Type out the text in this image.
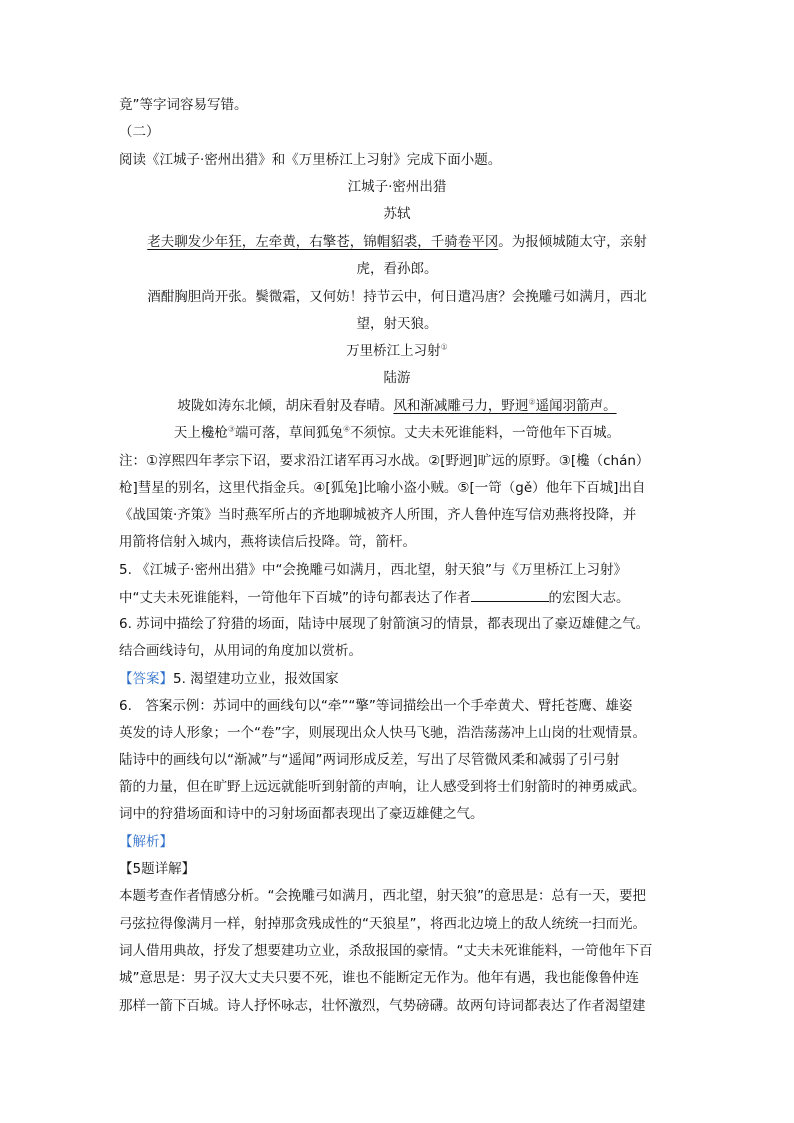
竟”等字词容易写错。
（二）
阅读《江城子·密州出猎》和《万里桥江上习射》完成下面小题。
江城子·密州出猎
苏轼
老夫聊发少年狂，左牵黄，右擎苍，锦帽貂裘，千骑卷平冈。为报倾城随太守，亲射
虎，看孙郎。
酒酣胸胆尚开张。鬓微霜，又何妨！持节云中，何日遣冯唐？会挽雕弓如满月，西北
望，射天狼。
万里桥江上习射①
陆游
坡陇如涛东北倾，胡床看射及春晴。风和渐减雕弓力，野迥②遥闻羽箭声。
天上欃枪③端可落，草间狐兔④不须惊。丈夫未死谁能料，一笴他年下百城。
注：①淳熙四年孝宗下诏，要求沿江诸军再习水战。②[野迥]旷远的原野。③[欃（chán）
枪]彗星的别名，这里代指金兵。④[狐兔]比喻小盗小贼。⑤[一笴（gě）他年下百城]出自
《战国策·齐策》当时燕军所占的齐地聊城被齐人所围，齐人鲁仲连写信劝燕将投降，并
用箭将信射入城内，燕将读信后投降。笴，箭杆。
5. 《江城子·密州出猎》中“会挽雕弓如满月，西北望，射天狼”与《万里桥江上习射》
中“丈夫未死谁能料，一笴他年下百城”的诗句都表达了作者	的宏图大志。
6. 苏词中描绘了狩猎的场面，陆诗中展现了射箭演习的情景，都表现出了豪迈雄健之气。
结合画线诗句，从用词的角度加以赏析。
【答案】5. 渴望建功立业，报效国家
6.　答案示例：苏词中的画线句以“牵”“擎”等词描绘出一个手牵黄犬、臂托苍鹰、雄姿
英发的诗人形象；一个“卷”字，则展现出众人快马飞驰，浩浩荡荡冲上山岗的壮观情景。
陆诗中的画线句以“渐减”与“遥闻”两词形成反差，写出了尽管微风柔和减弱了引弓射
箭的力量，但在旷野上远远就能听到射箭的声响，让人感受到将士们射箭时的神勇威武。
词中的狩猎场面和诗中的习射场面都表现出了豪迈雄健之气。
【解析】
【5题详解】
本题考查作者情感分析。“会挽雕弓如满月，西北望，射天狼”的意思是：总有一天，要把
弓弦拉得像满月一样，射掉那贪残成性的“天狼星”，将西北边境上的敌人统统一扫而光。
词人借用典故，抒发了想要建功立业，杀敌报国的豪情。“丈夫未死谁能料，一笴他年下百
城”意思是：男子汉大丈夫只要不死，谁也不能断定无作为。他年有遇，我也能像鲁仲连
那样一箭下百城。诗人抒怀咏志，壮怀激烈，气势磅礴。故两句诗词都表达了作者渴望建
